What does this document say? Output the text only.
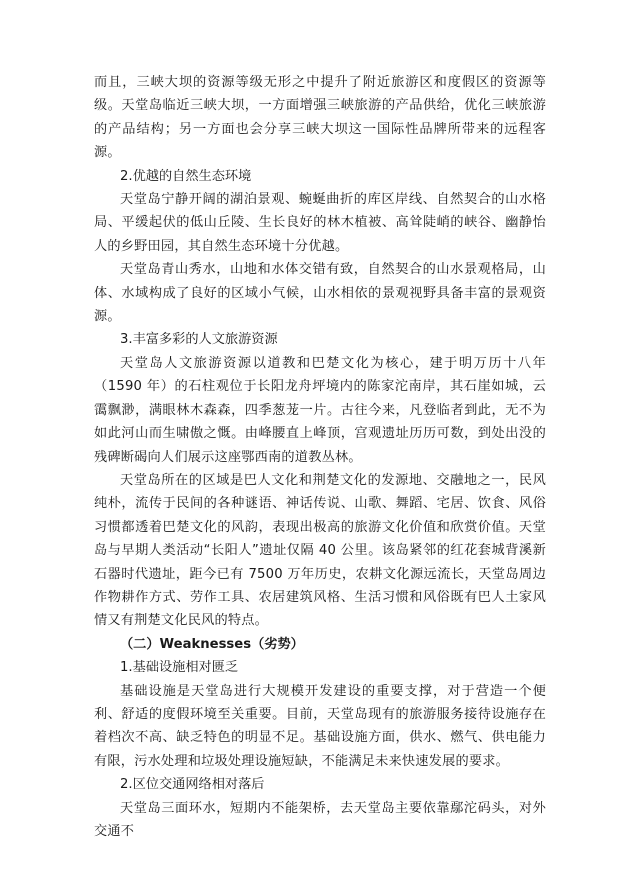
而且，三峡大坝的资源等级无形之中提升了附近旅游区和度假区的资源等级。天堂岛临近三峡大坝，一方面增强三峡旅游的产品供给，优化三峡旅游的产品结构；另一方面也会分享三峡大坝这一国际性品牌所带来的远程客源。

2.优越的自然生态环境

天堂岛宁静开阔的湖泊景观、蜿蜒曲折的库区岸线、自然契合的山水格局、平缓起伏的低山丘陵、生长良好的林木植被、高耸陡峭的峡谷、幽静怡人的乡野田园，其自然生态环境十分优越。

天堂岛青山秀水，山地和水体交错有致，自然契合的山水景观格局，山体、水域构成了良好的区域小气候，山水相依的景观视野具备丰富的景观资源。

3.丰富多彩的人文旅游资源

天堂岛人文旅游资源以道教和巴楚文化为核心，建于明万历十八年（1590 年）的石柱观位于长阳龙舟坪境内的陈家沱南岸，其石崖如城，云霭飘渺，满眼林木森森，四季葱茏一片。古往今来，凡登临者到此，无不为如此河山而生啸傲之慨。由峰腰直上峰顶，宫观遗址历历可数，到处出没的残碑断碣向人们展示这座鄂西南的道教丛林。

天堂岛所在的区域是巴人文化和荆楚文化的发源地、交融地之一，民风纯朴，流传于民间的各种谜语、神话传说、山歌、舞蹈、宅居、饮食、风俗习惯都透着巴楚文化的风韵，表现出极高的旅游文化价值和欣赏价值。天堂岛与早期人类活动“长阳人”遗址仅隔 40 公里。该岛紧邻的红花套城背溪新石器时代遗址，距今已有 7500 万年历史，农耕文化源远流长，天堂岛周边作物耕作方式、劳作工具、农居建筑风格、生活习惯和风俗既有巴人土家风情又有荆楚文化民风的特点。

（二）Weaknesses（劣势）

1.基础设施相对匮乏

基础设施是天堂岛进行大规模开发建设的重要支撑，对于营造一个便利、舒适的度假环境至关重要。目前，天堂岛现有的旅游服务接待设施存在着档次不高、缺乏特色的明显不足。基础设施方面，供水、燃气、供电能力有限，污水处理和垃圾处理设施短缺，不能满足未来快速发展的要求。

2.区位交通网络相对落后

天堂岛三面环水，短期内不能架桥，去天堂岛主要依靠鄢沱码头，对外交通不
